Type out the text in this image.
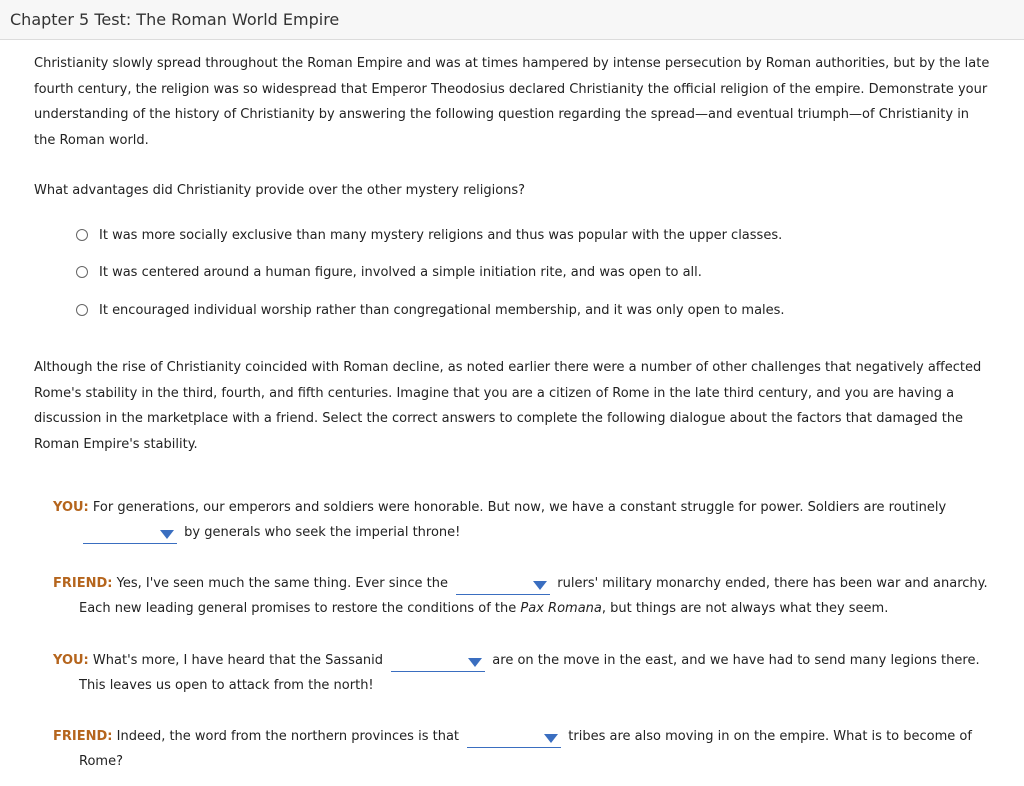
Chapter 5 Test: The Roman World Empire
Christianity slowly spread throughout the Roman Empire and was at times hampered by intense persecution by Roman authorities, but by the late fourth century, the religion was so widespread that Emperor Theodosius declared Christianity the official religion of the empire. Demonstrate your understanding of the history of Christianity by answering the following question regarding the spread—and eventual triumph—of Christianity in the Roman world.
What advantages did Christianity provide over the other mystery religions?
It was more socially exclusive than many mystery religions and thus was popular with the upper classes.
It was centered around a human figure, involved a simple initiation rite, and was open to all.
It encouraged individual worship rather than congregational membership, and it was only open to males.
Although the rise of Christianity coincided with Roman decline, as noted earlier there were a number of other challenges that negatively affected Rome's stability in the third, fourth, and fifth centuries. Imagine that you are a citizen of Rome in the late third century, and you are having a discussion in the marketplace with a friend. Select the correct answers to complete the following dialogue about the factors that damaged the Roman Empire's stability.
YOU: For generations, our emperors and soldiers were honorable. But now, we have a constant struggle for power. Soldiers are routinely
by generals who seek the imperial throne!
FRIEND: Yes, I've seen much the same thing. Ever since the	rulers' military monarchy ended, there has been war and anarchy.
Each new leading general promises to restore the conditions of the Pax Romana, but things are not always what they seem.
YOU: What's more, I have heard that the Sassanid	are on the move in the east, and we have had to send many legions there.
This leaves us open to attack from the north!
FRIEND: Indeed, the word from the northern provinces is that	tribes are also moving in on the empire. What is to become of
Rome?
